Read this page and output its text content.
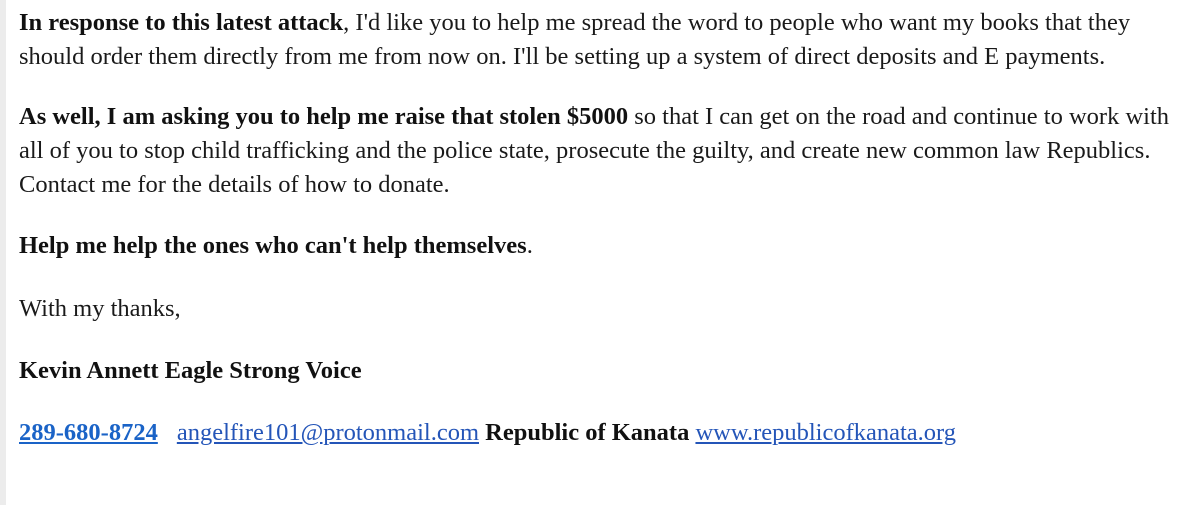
In response to this latest attack, I'd like you to help me spread the word to people who want my books that they should order them directly from me from now on. I'll be setting up a system of direct deposits and E payments.

As well, I am asking you to help me raise that stolen $5000 so that I can get on the road and continue to work with all of you to stop child trafficking and the police state, prosecute the guilty, and create new common law Republics. Contact me for the details of how to donate.

Help me help the ones who can't help themselves.

With my thanks,

Kevin Annett Eagle Strong Voice

289-680-8724 angelfire101@protonmail.com Republic of Kanata www.republicofkanata.org
